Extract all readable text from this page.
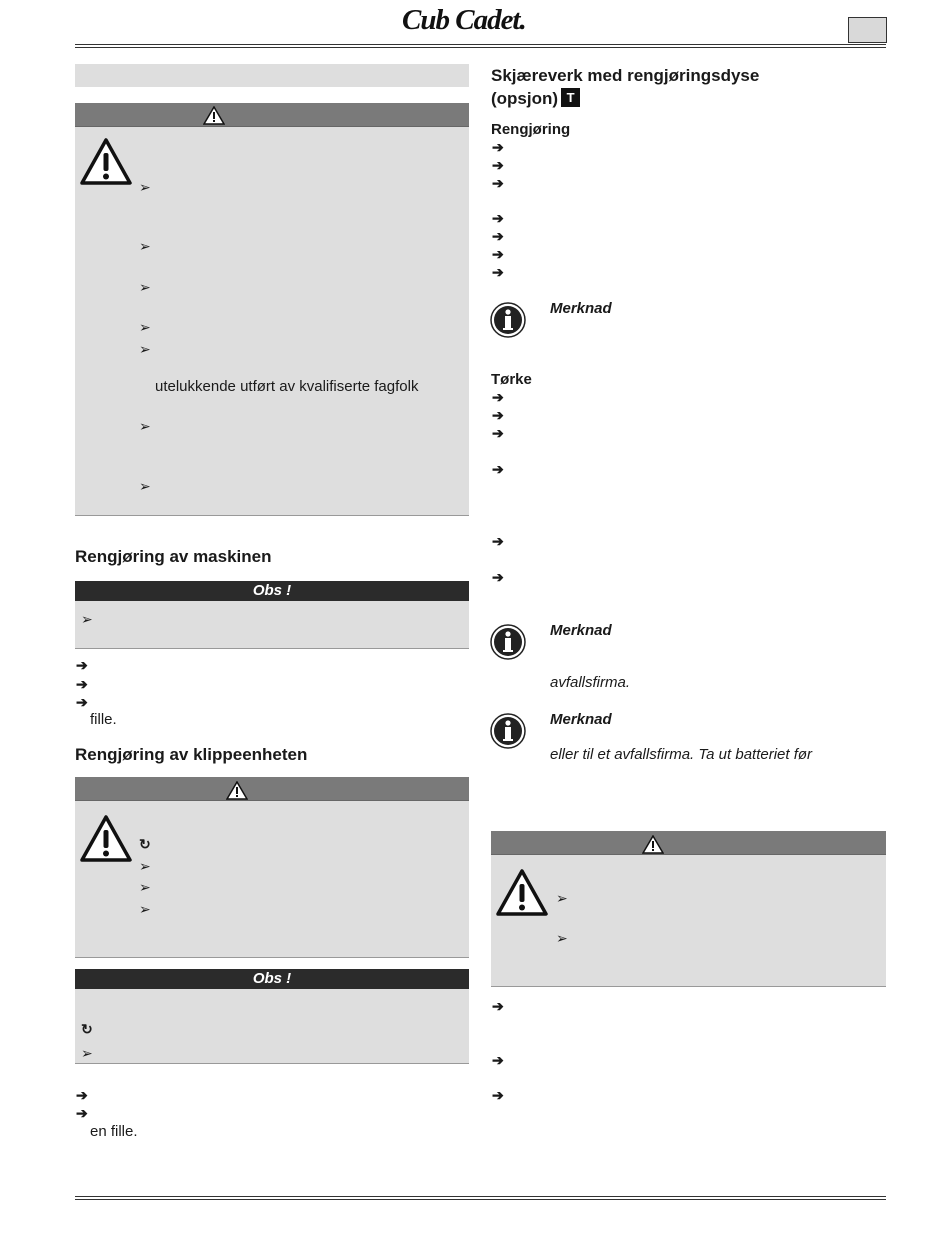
Cub Cadet.
➢
➢
➢
➢
➢
utelukkende utført av kvalifiserte fagfolk
➢
➢
Rengjøring av maskinen
Obs !
➢
➔
➔
➔
fille.
Rengjøring av klippeenheten
↻
➢
➢
➢
Obs !
↻
➢
➔
➔
en fille.
Skjæreverk med rengjøringsdyse
(opsjon) T
Rengjøring
➔
➔
➔
➔
➔
➔
➔
Merknad
Tørke
➔
➔
➔
➔
➔
➔
Merknad
avfallsfirma.
Merknad
eller til et avfallsfirma. Ta ut batteriet før
➢
➢
➔
➔
➔
